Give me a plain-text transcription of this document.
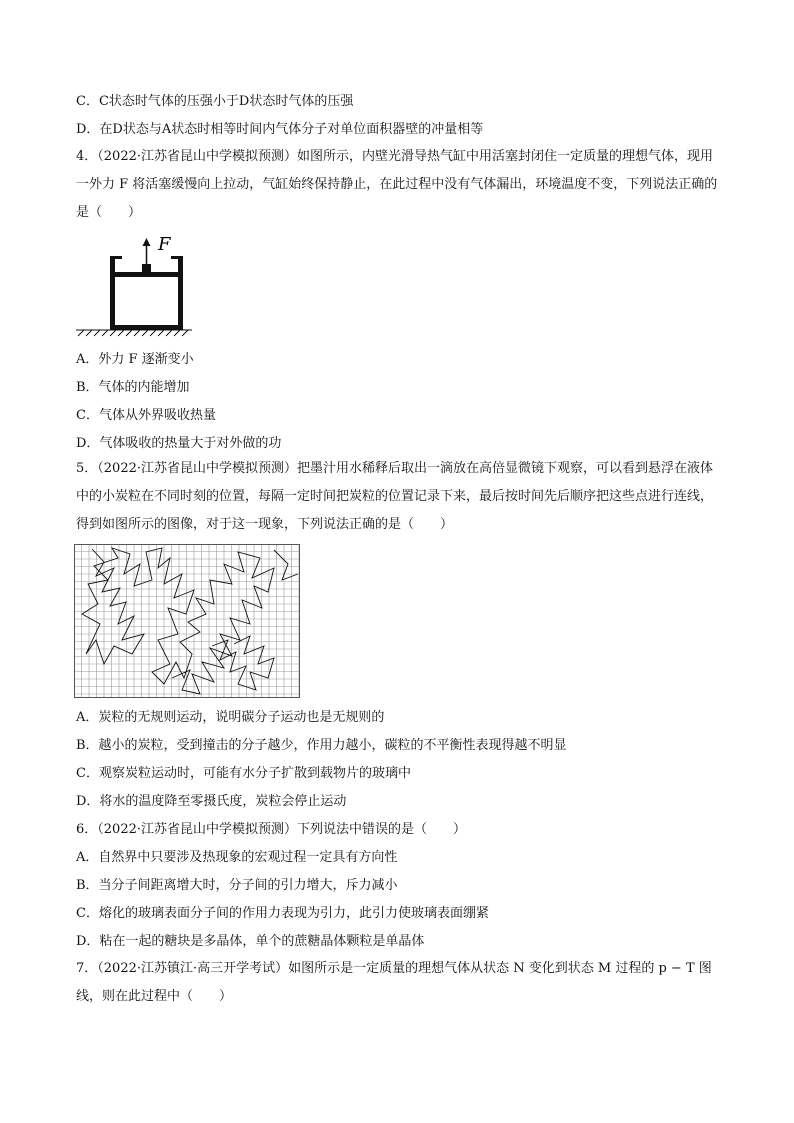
C．C状态时气体的压强小于D状态时气体的压强
D．在D状态与A状态时相等时间内气体分子对单位面积器壁的冲量相等
4．（2022·江苏省昆山中学模拟预测）如图所示，内壁光滑导热气缸中用活塞封闭住一定质量的理想气体，现用一外力 F 将活塞缓慢向上拉动，气缸始终保持静止，在此过程中没有气体漏出，环境温度不变，下列说法正确的是（　　）
F
A．外力 F 逐渐变小
B．气体的内能增加
C．气体从外界吸收热量
D．气体吸收的热量大于对外做的功
5．（2022·江苏省昆山中学模拟预测）把墨汁用水稀释后取出一滴放在高倍显微镜下观察，可以看到悬浮在液体中的小炭粒在不同时刻的位置，每隔一定时间把炭粒的位置记录下来，最后按时间先后顺序把这些点进行连线，得到如图所示的图像，对于这一现象，下列说法正确的是（　　）
A．炭粒的无规则运动，说明碳分子运动也是无规则的
B．越小的炭粒，受到撞击的分子越少，作用力越小，碳粒的不平衡性表现得越不明显
C．观察炭粒运动时，可能有水分子扩散到载物片的玻璃中
D．将水的温度降至零摄氏度，炭粒会停止运动
6．（2022·江苏省昆山中学模拟预测）下列说法中错误的是（　　）
A．自然界中只要涉及热现象的宏观过程一定具有方向性
B．当分子间距离增大时，分子间的引力增大，斥力减小
C．熔化的玻璃表面分子间的作用力表现为引力，此引力使玻璃表面绷紧
D．粘在一起的糖块是多晶体，单个的蔗糖晶体颗粒是单晶体
7．（2022·江苏镇江·高三开学考试）如图所示是一定质量的理想气体从状态 N 变化到状态 M 过程的 p − T 图线，则在此过程中（　　）
